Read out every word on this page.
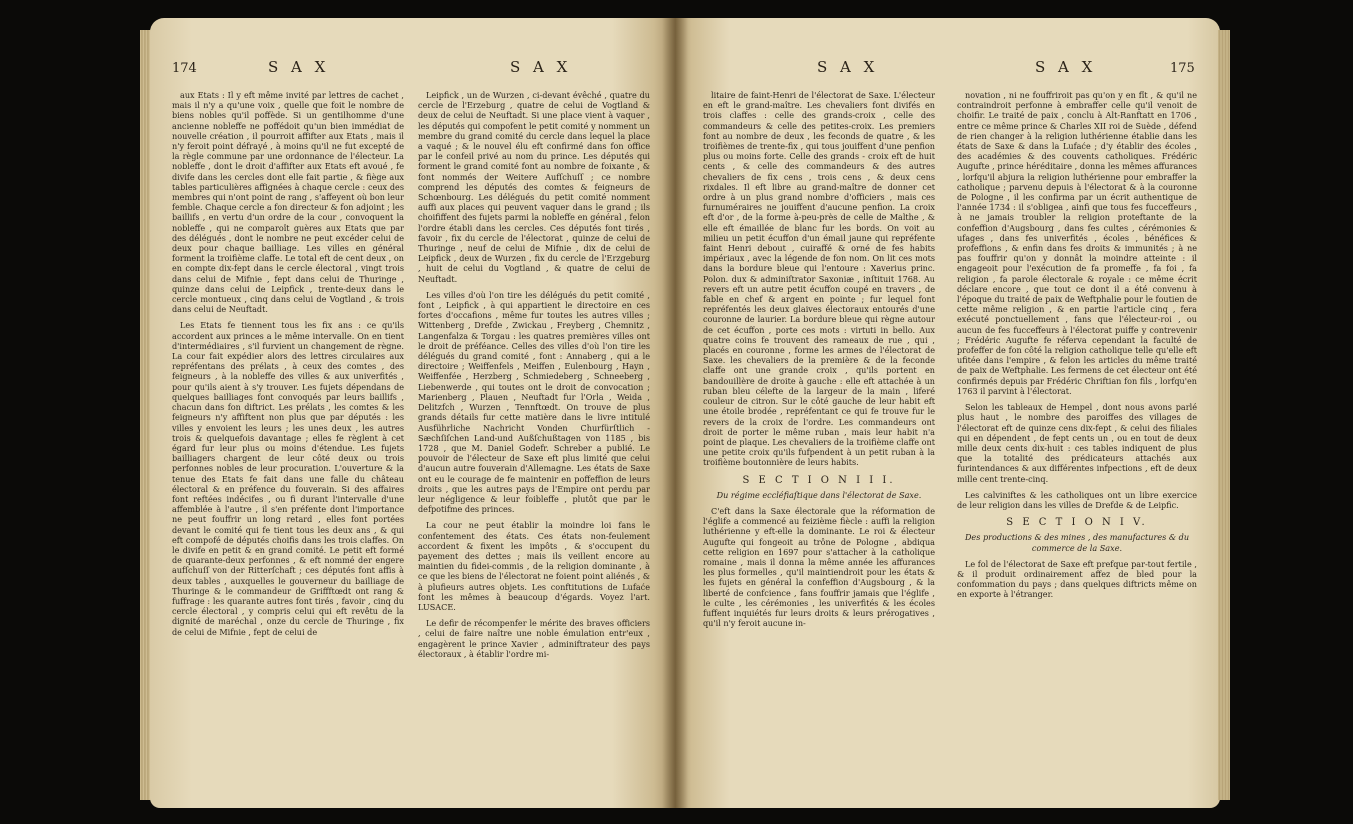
174	S A X	S A X

aux Etats : Il y eft même invité par lettres de cachet , mais il n'y a qu'une voix , quelle que foit le nombre de biens nobles qu'il poffède. Si un gentilhomme d'une ancienne nobleffe ne poffédoit qu'un bien immédiat de nouvelle création , il pourroit affifter aux Etats , mais il n'y feroit point défrayé , à moins qu'il ne fut excepté de la règle commune par une ordonnance de l'électeur. La nobleffe , dont le droit d'affifter aux Etats eft avoué , fe divife dans les cercles dont elle fait partie , & fiège aux tables particulières affignées à chaque cercle : ceux des membres qui n'ont point de rang , s'affeyent où bon leur femble. Chaque cercle a fon directeur & fon adjoint ; les baillifs , en vertu d'un ordre de la cour , convoquent la nobleffe , qui ne comparoît guères aux Etats que par des délégués , dont le nombre ne peut excéder celui de deux pour chaque bailliage. Les villes en général forment la troifième claffe. Le total eft de cent deux , on en compte dix-fept dans le cercle électoral , vingt trois dans celui de Mifnie , fept dans celui de Thuringe , quinze dans celui de Leipfick , trente-deux dans le cercle montueux , cinq dans celui de Vogtland , & trois dans celui de Neuftadt.

Les Etats fe tiennent tous les fix ans : ce qu'ils accordent aux princes a le même intervalle. On en tient d'intermédiaires , s'il furvient un changement de règne. La cour fait expédier alors des lettres circulaires aux repréfentans des prélats , à ceux des comtes , des feigneurs , à la nobleffe des villes & aux univerfités , pour qu'ils aient à s'y trouver. Les fujets dépendans de quelques bailliages font convoqués par leurs baillifs , chacun dans fon diftrict. Les prélats , les comtes & les feigneurs n'y affiftent non plus que par députés : les villes y envoient les leurs ; les unes deux , les autres trois & quelquefois davantage ; elles fe règlent à cet égard fur leur plus ou moins d'étendue. Les fujets bailliagers chargent de leur côté deux ou trois perfonnes nobles de leur procuration. L'ouverture & la tenue des Etats fe fait dans une falle du château électoral & en préfence du fouverain. Si des affaires font reftées indécifes , ou fi durant l'intervalle d'une affemblée à l'autre , il s'en préfente dont l'importance ne peut fouffrir un long retard , elles font portées devant le comité qui fe tient tous les deux ans , & qui eft compofé de députés choifis dans les trois claffes. On le divife en petit & en grand comité. Le petit eft formé de quarante-deux perfonnes , & eft nommé der engere aufſchuſſ von der Ritterſchaft ; ces députés font affis à deux tables , auxquelles le gouverneur du bailliage de Thuringe & le commandeur de Griffftœdt ont rang & fuffrage : les quarante autres font tirés , favoir , cinq du cercle électoral , y compris celui qui eft revêtu de la dignité de maréchal , onze du cercle de Thuringe , fix de celui de Mifnie , fept de celui de

Leipfick , un de Wurzen , ci-devant évêché , quatre du cercle de l'Erzeburg , quatre de celui de Vogtland & deux de celui de Neuftadt. Si une place vient à vaquer , les députés qui compofent le petit comité y nomment un membre du grand comité du cercle dans lequel la place a vaqué ; & le nouvel élu eft confirmé dans fon office par le confeil privé au nom du prince. Les députés qui forment le grand comité font au nombre de foixante , & font nommés der Weitere Aufſchuſſ ; ce nombre comprend les députés des comtes & feigneurs de Schœnbourg. Les délégués du petit comité nomment auffi aux places qui peuvent vaquer dans le grand ; ils choififfent des fujets parmi la nobleffe en général , felon l'ordre établi dans les cercles. Ces députés font tirés , favoir , fix du cercle de l'électorat , quinze de celui de Thuringe , neuf de celui de Mifnie , dix de celui de Leipfick , deux de Wurzen , fix du cercle de l'Erzgeburg , huit de celui du Vogtland , & quatre de celui de Neuftadt.

Les villes d'où l'on tire les délégués du petit comité , font , Leipfick , à qui appartient le directoire en ces fortes d'occafions , même fur toutes les autres villes ; Wittenberg , Drefde , Zwickau , Freyberg , Chemnitz , Langenfalza & Torgau : les quatres premières villes ont le droit de préféance. Celles des villes d'où l'on tire les délégués du grand comité , font : Annaberg , qui a le directoire ; Weiffenfels , Meiffen , Eulenbourg , Hayn , Weiffenfée , Herzberg , Schmiedeberg , Schneeberg , Liebenwerde , qui toutes ont le droit de convocation ; Marienberg , Plauen , Neuftadt fur l'Orla , Weida , Delitzfch , Wurzen , Tennftœdt. On trouve de plus grands détails fur cette matière dans le livre intitulé Ausführliche Nachricht Vonden Churfürſtlich - Sæchſiſchen Land-und Außſchußtagen von 1185 , bis 1728 , que M. Daniel Godefr. Schreber a publié. Le pouvoir de l'électeur de Saxe eft plus limité que celui d'aucun autre fouverain d'Allemagne. Les états de Saxe ont eu le courage de fe maintenir en poffeffion de leurs droits , que les autres pays de l'Empire ont perdu par leur négligence & leur foibleffe , plutôt que par le defpotifme des princes.

La cour ne peut établir la moindre loi fans le confentement des états. Ces états non-feulement accordent & fixent les impôts , & s'occupent du payement des dettes ; mais ils veillent encore au maintien du fidei-commis , de la religion dominante , à ce que les biens de l'électorat ne foient point aliénés , & à plufieurs autres objets. Les conftitutions de Lufaće font les mêmes à beaucoup d'égards. Voyez l'art. LUSACE.

Le defir de récompenfer le mérite des braves officiers , celui de faire naître une noble émulation entr'eux , engagèrent le prince Xavier , adminiftrateur des pays électoraux , à établir l'ordre mi-

S A X	S A X	175

litaire de faint-Henri de l'électorat de Saxe. L'électeur en eft le grand-maître. Les chevaliers font divifés en trois claffes : celle des grands-croix , celle des commandeurs & celle des petites-croix. Les premiers font au nombre de deux , les feconds de quatre , & les troifièmes de trente-fix , qui tous jouiffent d'une penfion plus ou moins forte. Celle des grands - croix eft de huit cents , & celle des commandeurs & des autres chevaliers de fix cens , trois cens , & deux cens rixdales. Il eft libre au grand-maître de donner cet ordre à un plus grand nombre d'officiers , mais ces furnuméraires ne jouiffent d'aucune penfion. La croix eft d'or , de la forme à-peu-près de celle de Malthe , & elle eft émaillée de blanc fur les bords. On voit au milieu un petit écuffon d'un émail jaune qui repréfente faint Henri debout , cuiraffé & orné de fes habits impériaux , avec la légende de fon nom. On lit ces mots dans la bordure bleue qui l'entoure : Xaverius princ. Polon. dux & adminiſtrator Saxoniæ , inſtituit 1768. Au revers eft un autre petit écuffon coupé en travers , de fable en chef & argent en pointe ; fur lequel font repréfentés les deux glaives électoraux entourés d'une couronne de laurier. La bordure bleue qui règne autour de cet écuffon , porte ces mots : virtuti in bello. Aux quatre coins fe trouvent des rameaux de rue , qui , placés en couronne , forme les armes de l'électorat de Saxe. les chevaliers de la première & de la feconde claffe ont une grande croix , qu'ils portent en bandouillère de droite à gauche : elle eft attachée à un ruban bleu célefte de la largeur de la main , liferé couleur de citron. Sur le côté gauche de leur habit eft une étoile brodée , repréfentant ce qui fe trouve fur le revers de la croix de l'ordre. Les commandeurs ont droit de porter le même ruban , mais leur habit n'a point de plaque. Les chevaliers de la troifième claffe ont une petite croix qu'ils fufpendent à un petit ruban à la troifième boutonnière de leurs habits.

S E C T I O N I I I.
Du régime eccléfiaſtique dans l'électorat de Saxe.

C'eft dans la Saxe électorale que la réformation de l'églife a commencé au feizième fiècle : auffi la religion luthérienne y eft-elle la dominante. Le roi & électeur Augufte qui fongeoit au trône de Pologne , abdiqua cette religion en 1697 pour s'attacher à la catholique romaine , mais il donna la même année les affurances les plus formelles , qu'il maintiendroit pour les états & les fujets en général la confeffion d'Augsbourg , & la liberté de confcience , fans fouffrir jamais que l'églife , le culte , les cérémonies , les univerfités & les écoles fuffent inquiétés fur leurs droits & leurs prérogatives , qu'il n'y feroit aucune in-

novation , ni ne fouffriroit pas qu'on y en fît , & qu'il ne contraindroit perfonne à embraffer celle qu'il venoit de choifir. Le traité de paix , conclu à Alt-Ranftatt en 1706 , entre ce même prince & Charles XII roi de Suède , défend de rien changer à la religion luthérienne établie dans les états de Saxe & dans la Lufaće ; d'y établir des écoles , des académies & des couvents catholiques. Frédéric Augufte , prince héréditaire , donna les mêmes affurances , lorfqu'il abjura la religion luthérienne pour embraffer la catholique ; parvenu depuis à l'électorat & à la couronne de Pologne , il les confirma par un écrit authentique de l'année 1734 : il s'obligea , ainfi que tous fes fucceffeurs , à ne jamais troubler la religion proteftante de la confeffion d'Augsbourg , dans fes cultes , cérémonies & ufages , dans fes univerfités , écoles , bénéfices & profeffions , & enfin dans fes droits & immunités ; à ne pas fouffrir qu'on y donnât la moindre atteinte : il engageoit pour l'exécution de fa promeffe , fa foi , fa religion , fa parole électorale & royale : ce même écrit déclare encore , que tout ce dont il a été convenu à l'époque du traité de paix de Weftphalie pour le foutien de cette même religion , & en partie l'article cinq , fera exécuté ponctuellement , fans que l'électeur-roi , ou aucun de fes fucceffeurs à l'électorat puiffe y contrevenir ; Frédéric Augufte fe réferva cependant la faculté de profeffer de fon côté la religion catholique telle qu'elle eft ufitée dans l'empire , & felon les articles du même traité de paix de Weftphalie. Les fermens de cet électeur ont été confirmés depuis par Frédéric Chriftian fon fils , lorfqu'en 1763 il parvint à l'électorat.

Selon les tableaux de Hempel , dont nous avons parlé plus haut , le nombre des paroiffes des villages de l'électorat eft de quinze cens dix-fept , & celui des filiales qui en dépendent , de fept cents un , ou en tout de deux mille deux cents dix-huit : ces tables indiquent de plus que la totalité des prédicateurs attachés aux furintendances & aux différentes infpections , eft de deux mille cent trente-cinq.

Les calviniftes & les catholiques ont un libre exercice de leur religion dans les villes de Drefde & de Leipfic.

S E C T I O N I V.
Des productions & des mines , des manufactures & du commerce de la Saxe.

Le fol de l'électorat de Saxe eft prefque par-tout fertile , & il produit ordinairement affez de bled pour la confommation du pays ; dans quelques diftricts même on en exporte à l'étranger.
